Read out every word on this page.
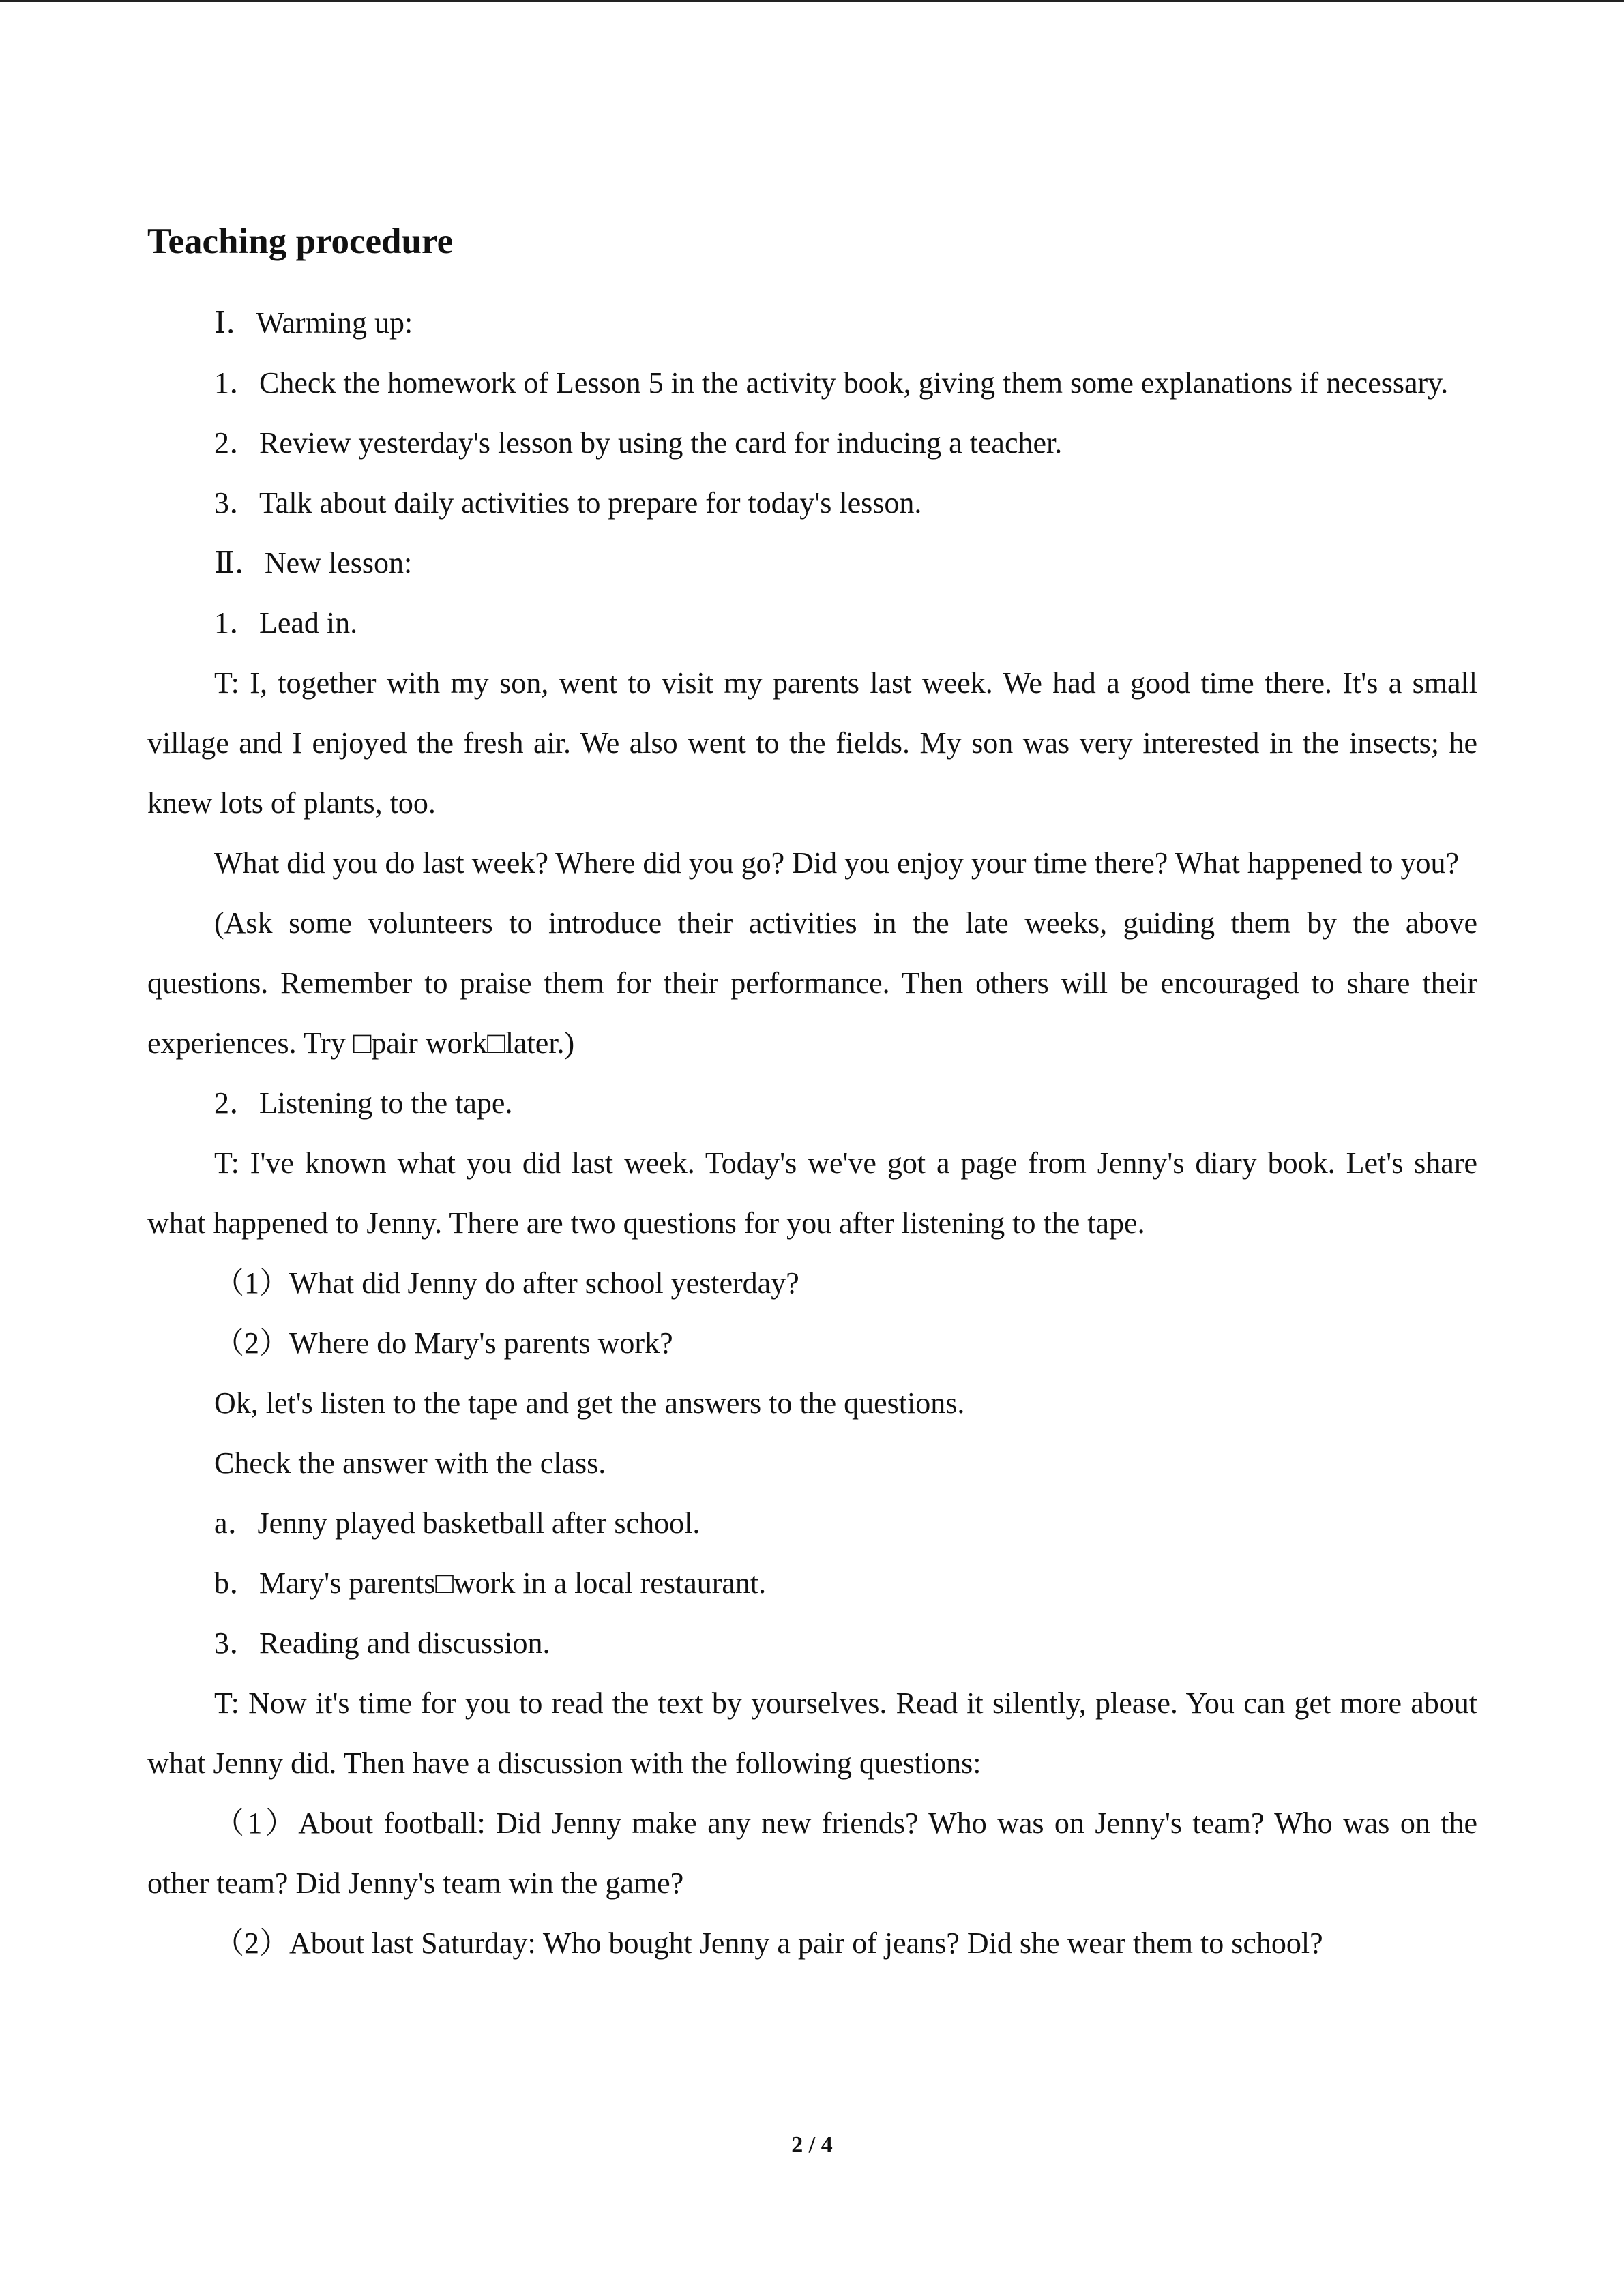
Teaching procedure

Ⅰ．Warming up:

1．Check the homework of Lesson 5 in the activity book, giving them some explanations if necessary.

2．Review yesterday's lesson by using the card for inducing a teacher.

3．Talk about daily activities to prepare for today's lesson.

Ⅱ．New lesson:

1．Lead in.

T: I, together with my son, went to visit my parents last week. We had a good time there. It's a small village and I enjoyed the fresh air. We also went to the fields. My son was very interested in the insects; he knew lots of plants, too.

What did you do last week? Where did you go? Did you enjoy your time there? What happened to you?

(Ask some volunteers to introduce their activities in the late weeks, guiding them by the above questions. Remember to praise them for their performance. Then others will be encouraged to share their experiences. Try □pair work□later.)

2．Listening to the tape.

T: I've known what you did last week. Today's we've got a page from Jenny's diary book. Let's share what happened to Jenny. There are two questions for you after listening to the tape.

（1）What did Jenny do after school yesterday?

（2）Where do Mary's parents work?

Ok, let's listen to the tape and get the answers to the questions.

Check the answer with the class.

a．Jenny played basketball after school.

b．Mary's parents□work in a local restaurant.

3．Reading and discussion.

T: Now it's time for you to read the text by yourselves. Read it silently, please. You can get more about what Jenny did. Then have a discussion with the following questions:

（1）About football: Did Jenny make any new friends? Who was on Jenny's team? Who was on the other team? Did Jenny's team win the game?

（2）About last Saturday: Who bought Jenny a pair of jeans? Did she wear them to school?

2 / 4
